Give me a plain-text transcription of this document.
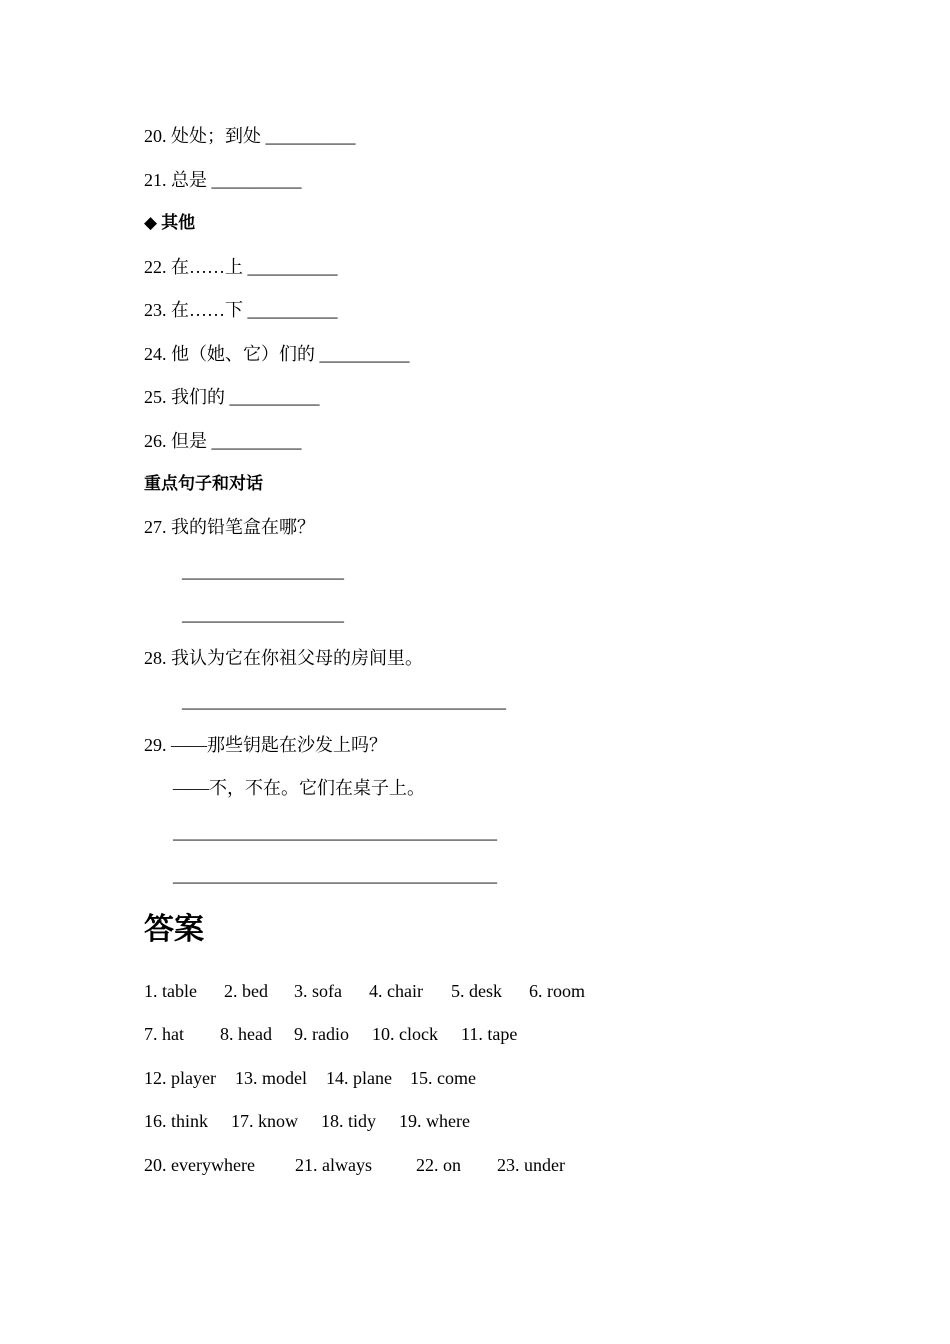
20. 处处；到处 __________
21. 总是 __________
◆ 其他
22. 在……上 __________
23. 在……下 __________
24. 他（她、它）们的 __________
25. 我们的 __________
26. 但是 __________
重点句子和对话
27. 我的铅笔盒在哪？
__________________
__________________
28. 我认为它在你祖父母的房间里。
____________________________________
29. ——那些钥匙在沙发上吗？
——不，不在。它们在桌子上。
____________________________________
____________________________________
答案
1. table 2. bed 3. sofa 4. chair 5. desk 6. room
7. hat 8. head 9. radio 10. clock 11. tape
12. player 13. model 14. plane 15. come
16. think 17. know 18. tidy 19. where
20. everywhere 21. always 22. on 23. under
